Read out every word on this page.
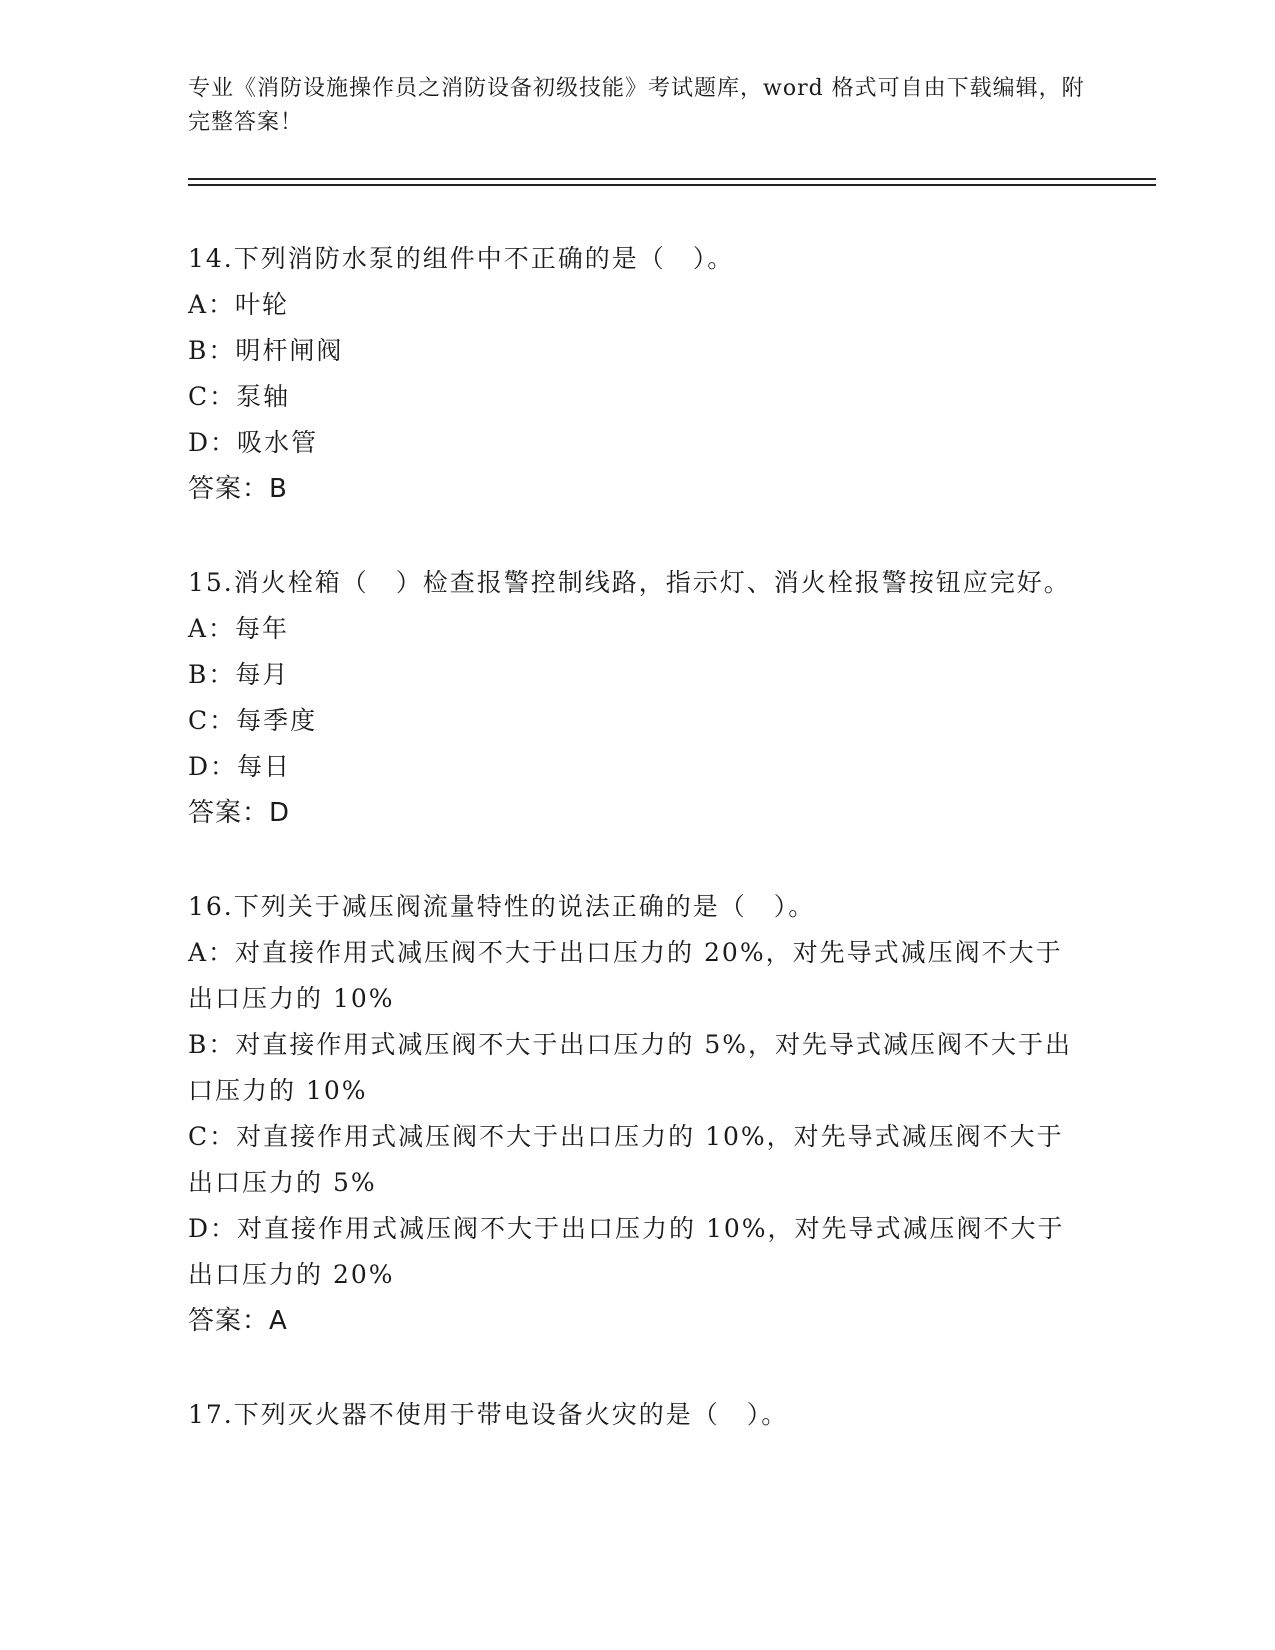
专业《消防设施操作员之消防设备初级技能》考试题库，word 格式可自由下载编辑，附完整答案！

14.下列消防水泵的组件中不正确的是（　）。

A：叶轮

B：明杆闸阀

C：泵轴

D：吸水管

答案：B

15.消火栓箱（　）检查报警控制线路，指示灯、消火栓报警按钮应完好。

A：每年

B：每月

C：每季度

D：每日

答案：D

16.下列关于减压阀流量特性的说法正确的是（　）。

A：对直接作用式减压阀不大于出口压力的 20%，对先导式减压阀不大于出口压力的 10%

B：对直接作用式减压阀不大于出口压力的 5%，对先导式减压阀不大于出口压力的 10%

C：对直接作用式减压阀不大于出口压力的 10%，对先导式减压阀不大于出口压力的 5%

D：对直接作用式减压阀不大于出口压力的 10%，对先导式减压阀不大于出口压力的 20%

答案：A

17.下列灭火器不使用于带电设备火灾的是（　）。
